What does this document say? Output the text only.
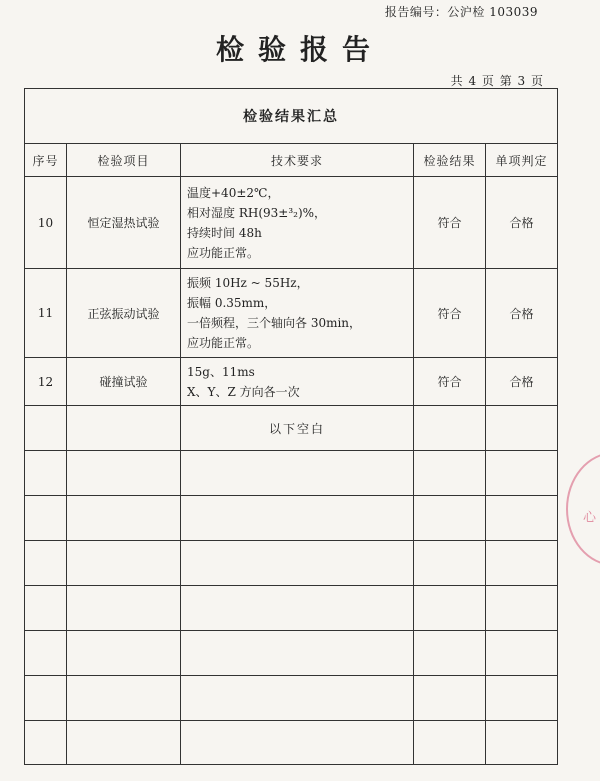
报告编号：公沪检 103039
检验报告
共 4 页 第 3 页
检验结果汇总				
序号	检验项目	技术要求	检验结果	单项判定
10	恒定湿热试验	温度+40±2℃，
相对湿度 RH(93±³₂)%，
持续时间 48h
应功能正常。	符合	合格
11	正弦振动试验	振频 10Hz ~ 55Hz，
振幅 0.35mm，
一倍频程，三个轴向各 30min，
应功能正常。	符合	合格
12	碰撞试验	15g、11ms
X、Y、Z 方向各一次	符合	合格
		以下空白		

心
